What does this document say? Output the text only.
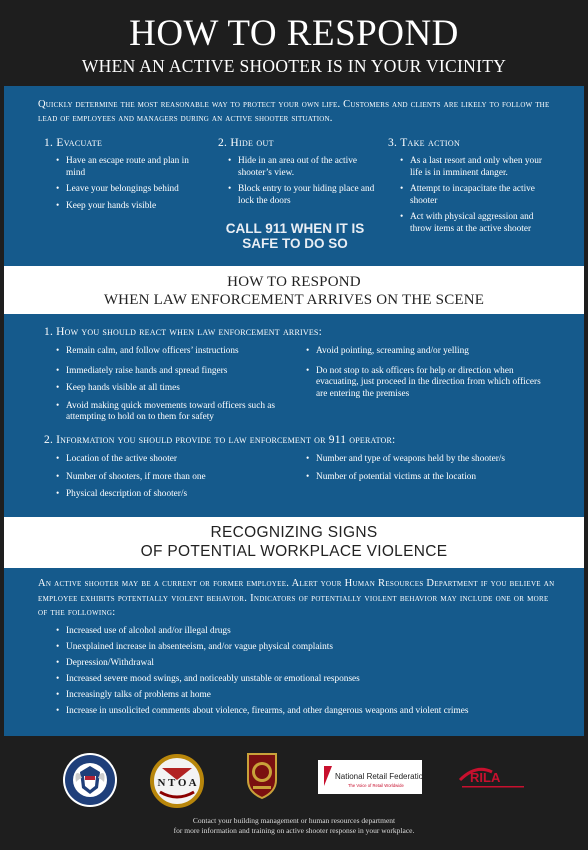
HOW TO RESPOND
WHEN AN ACTIVE SHOOTER IS IN YOUR VICINITY
Quickly determine the most reasonable way to protect your own life. Customers and clients are likely to follow the lead of employees and managers during an active shooter situation.
1. Evacuate
• Have an escape route and plan in mind
• Leave your belongings behind
• Keep your hands visible
2. Hide out
• Hide in an area out of the active shooter’s view.
• Block entry to your hiding place and lock the doors
CALL 911 WHEN IT IS
SAFE TO DO SO
3. Take action
• As a last resort and only when your life is in imminent danger.
• Attempt to incapacitate the active shooter
• Act with physical aggression and throw items at the active shooter
HOW TO RESPOND
WHEN LAW ENFORCEMENT ARRIVES ON THE SCENE
1. How you should react when law enforcement arrives:
• Remain calm, and follow officers’ instructions
• Immediately raise hands and spread fingers
• Keep hands visible at all times
• Avoid making quick movements toward officers such as attempting to hold on to them for safety
• Avoid pointing, screaming and/or yelling
• Do not stop to ask officers for help or direction when evacuating, just proceed in the direction from which officers are entering the premises
2. Information you should provide to law enforcement or 911 operator:
• Location of the active shooter
• Number of shooters, if more than one
• Physical description of shooter/s
• Number and type of weapons held by the shooter/s
• Number of potential victims at the location
RECOGNIZING SIGNS
OF POTENTIAL WORKPLACE VIOLENCE
An active shooter may be a current or former employee. Alert your Human Resources Department if you believe an employee exhibits potentially violent behavior. Indicators of potentially violent behavior may include one or more of the following:
• Increased use of alcohol and/or illegal drugs
• Unexplained increase in absenteeism, and/or vague physical complaints
• Depression/Withdrawal
• Increased severe mood swings, and noticeably unstable or emotional responses
• Increasingly talks of problems at home
• Increase in unsolicited comments about violence, firearms, and other dangerous weapons and violent crimes
N T O A
National Retail Federation
The Voice of Retail Worldwide
RILA
Contact your building management or human resources department
for more information and training on active shooter response in your workplace.
